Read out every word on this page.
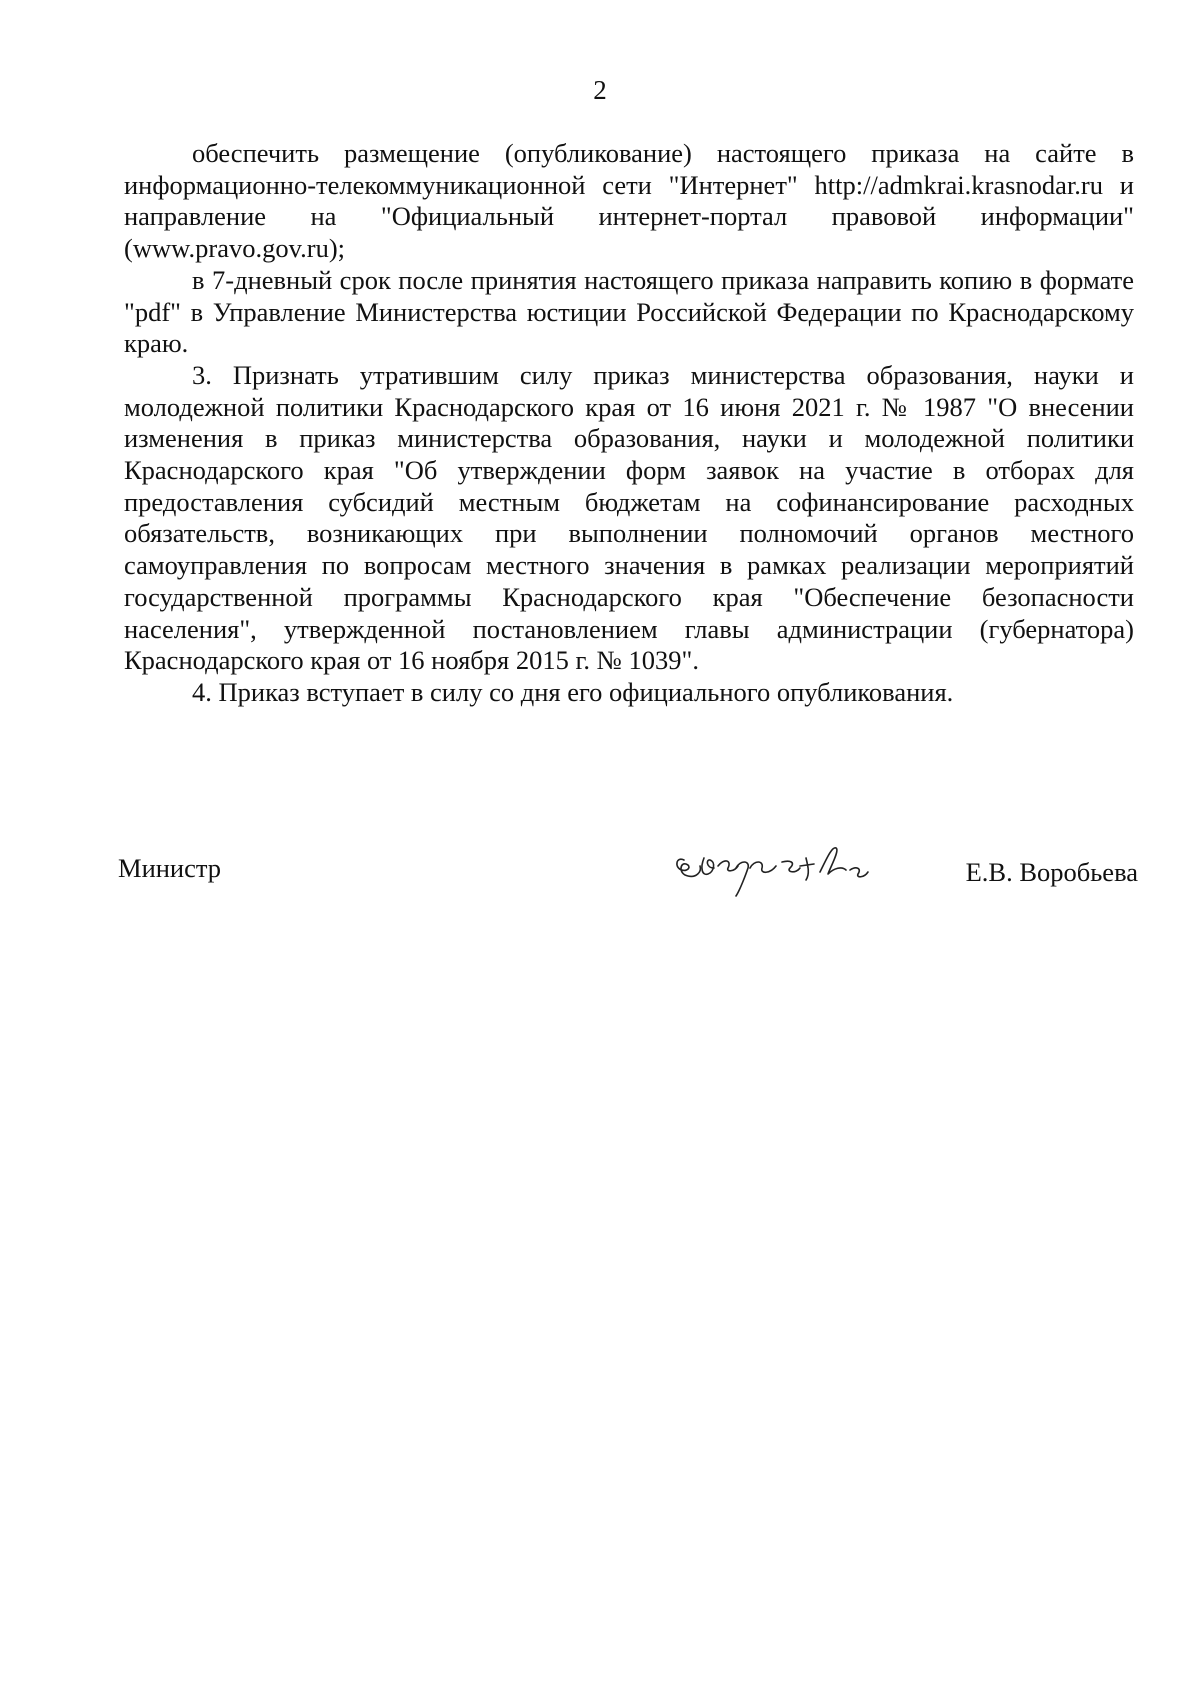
2

обеспечить размещение (опубликование) настоящего приказа на сайте в информационно-телекоммуникационной сети "Интернет" http://admkrai.krasnodar.ru и направление на "Официальный интернет-портал правовой информации" (www.pravo.gov.ru);

в 7-дневный срок после принятия настоящего приказа направить копию в формате "pdf" в Управление Министерства юстиции Российской Федерации по Краснодарскому краю.

3. Признать утратившим силу приказ министерства образования, науки и молодежной политики Краснодарского края от 16 июня 2021 г. № 1987 "О внесении изменения в приказ министерства образования, науки и молодежной политики Краснодарского края "Об утверждении форм заявок на участие в отборах для предоставления субсидий местным бюджетам на софинансирование расходных обязательств, возникающих при выполнении полномочий органов местного самоуправления по вопросам местного значения в рамках реализации мероприятий государственной программы Краснодарского края "Обеспечение безопасности населения", утвержденной постановлением главы администрации (губернатора) Краснодарского края от 16 ноября 2015 г. № 1039".

4. Приказ вступает в силу со дня его официального опубликования.

Министр	Е.В. Воробьева
